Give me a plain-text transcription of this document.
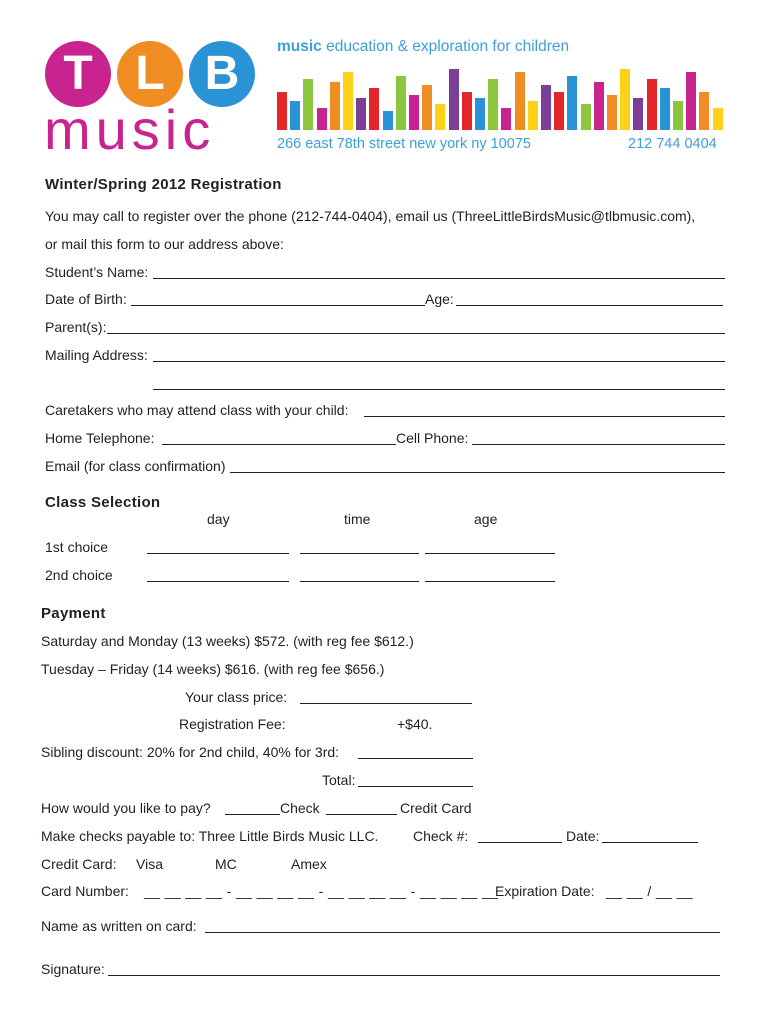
T L B
music
music education & exploration for children
266 east 78th street new york ny 10075	212 744 0404
Winter/Spring 2012 Registration
You may call to register over the phone (212-744-0404), email us (ThreeLittleBirdsMusic@tlbmusic.com),
or mail this form to our address above:
Student’s Name:
Date of Birth:	Age:
Parent(s):
Mailing Address:
Caretakers who may attend class with your child:
Home Telephone:	Cell Phone:
Email (for class confirmation)
Class Selection
day	time	age
1st choice
2nd choice
Payment
Saturday and Monday (13 weeks) $572. (with reg fee $612.)
Tuesday – Friday (14 weeks) $616. (with reg fee $656.)
Your class price:
Registration Fee:	+$40.
Sibling discount: 20% for 2nd child, 40% for 3rd:
Total:
How would you like to pay?	Check	Credit Card
Make checks payable to: Three Little Birds Music LLC. Check #:	Date:
Credit Card: Visa	MC	Amex
Card Number: __ __ __ __ - __ __ __ __ - __ __ __ __ - __ __ __ __
Expiration Date: __ __ / __ __
Name as written on card:
Signature:
